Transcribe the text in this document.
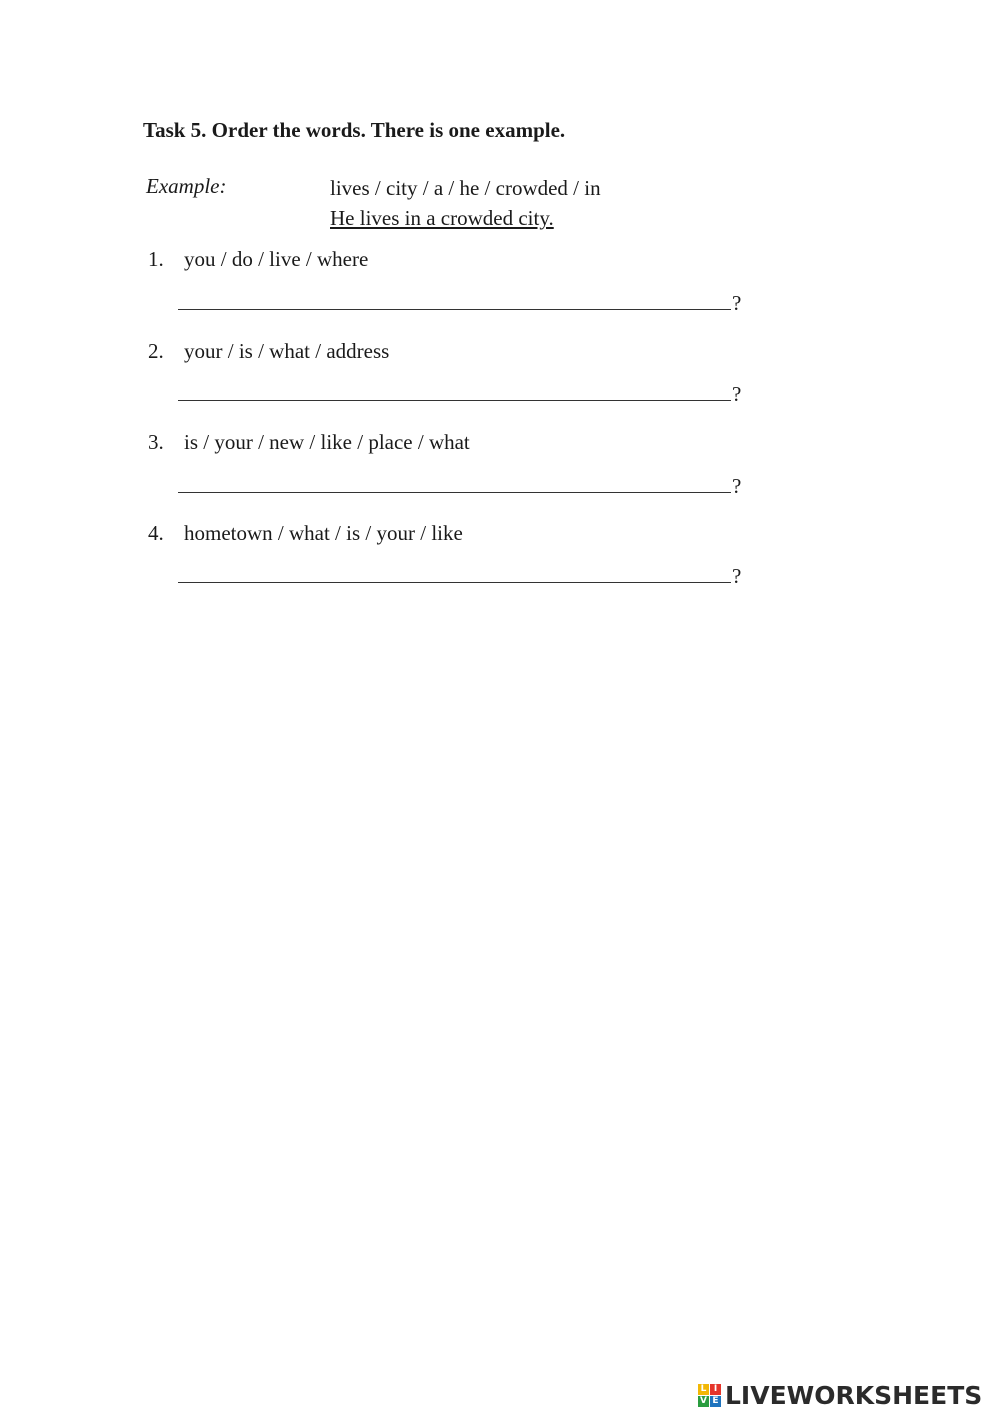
Task 5. Order the words. There is one example.
Example:	lives / city / a / he / crowded / in
He lives in a crowded city.
1. you / do / live / where
?
2. your / is / what / address
?
3. is / your / new / like / place / what
?
4. hometown / what / is / your / like
?
L I
V E LIVEWORKSHEETS
